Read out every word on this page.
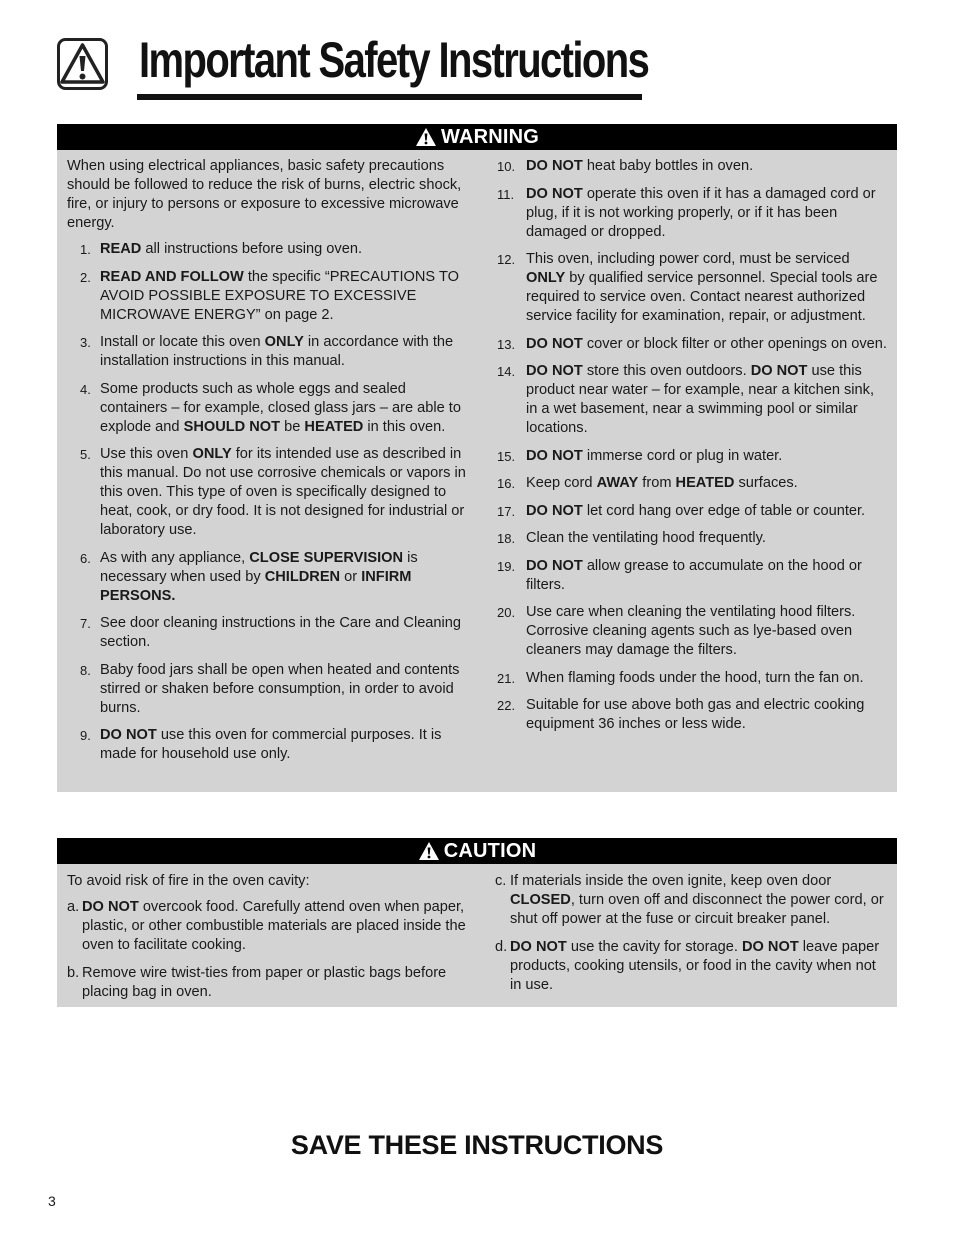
Important Safety Instructions
WARNING

When using electrical appliances, basic safety precautions should be followed to reduce the risk of burns, electric shock, fire, or injury to persons or exposure to excessive microwave energy.

1. READ all instructions before using oven.
2. READ AND FOLLOW the specific “PRECAUTIONS TO AVOID POSSIBLE EXPOSURE TO EXCESSIVE MICROWAVE ENERGY” on page 2.
3. Install or locate this oven ONLY in accordance with the installation instructions in this manual.
4. Some products such as whole eggs and sealed containers – for example, closed glass jars – are able to explode and SHOULD NOT be HEATED in this oven.
5. Use this oven ONLY for its intended use as described in this manual. Do not use corrosive chemicals or vapors in this oven. This type of oven is specifically designed to heat, cook, or dry food. It is not designed for industrial or laboratory use.
6. As with any appliance, CLOSE SUPERVISION is necessary when used by CHILDREN or INFIRM PERSONS.
7. See door cleaning instructions in the Care and Cleaning section.
8. Baby food jars shall be open when heated and contents stirred or shaken before consumption, in order to avoid burns.
9. DO NOT use this oven for commercial purposes. It is made for household use only.
10. DO NOT heat baby bottles in oven.
11. DO NOT operate this oven if it has a damaged cord or plug, if it is not working properly, or if it has been damaged or dropped.
12. This oven, including power cord, must be serviced ONLY by qualified service personnel. Special tools are required to service oven. Contact nearest authorized service facility for examination, repair, or adjustment.
13. DO NOT cover or block filter or other openings on oven.
14. DO NOT store this oven outdoors. DO NOT use this product near water – for example, near a kitchen sink, in a wet basement, near a swimming pool or similar locations.
15. DO NOT immerse cord or plug in water.
16. Keep cord AWAY from HEATED surfaces.
17. DO NOT let cord hang over edge of table or counter.
18. Clean the ventilating hood frequently.
19. DO NOT allow grease to accumulate on the hood or filters.
20. Use care when cleaning the ventilating hood filters. Corrosive cleaning agents such as lye-based oven cleaners may damage the filters.
21. When flaming foods under the hood, turn the fan on.
22. Suitable for use above both gas and electric cooking equipment 36 inches or less wide.
CAUTION

To avoid risk of fire in the oven cavity:

a. DO NOT overcook food. Carefully attend oven when paper, plastic, or other combustible materials are placed inside the oven to facilitate cooking.

b. Remove wire twist-ties from paper or plastic bags before placing bag in oven.

c. If materials inside the oven ignite, keep oven door CLOSED, turn oven off and disconnect the power cord, or shut off power at the fuse or circuit breaker panel.

d. DO NOT use the cavity for storage. DO NOT leave paper products, cooking utensils, or food in the cavity when not in use.

SAVE THESE INSTRUCTIONS
3
